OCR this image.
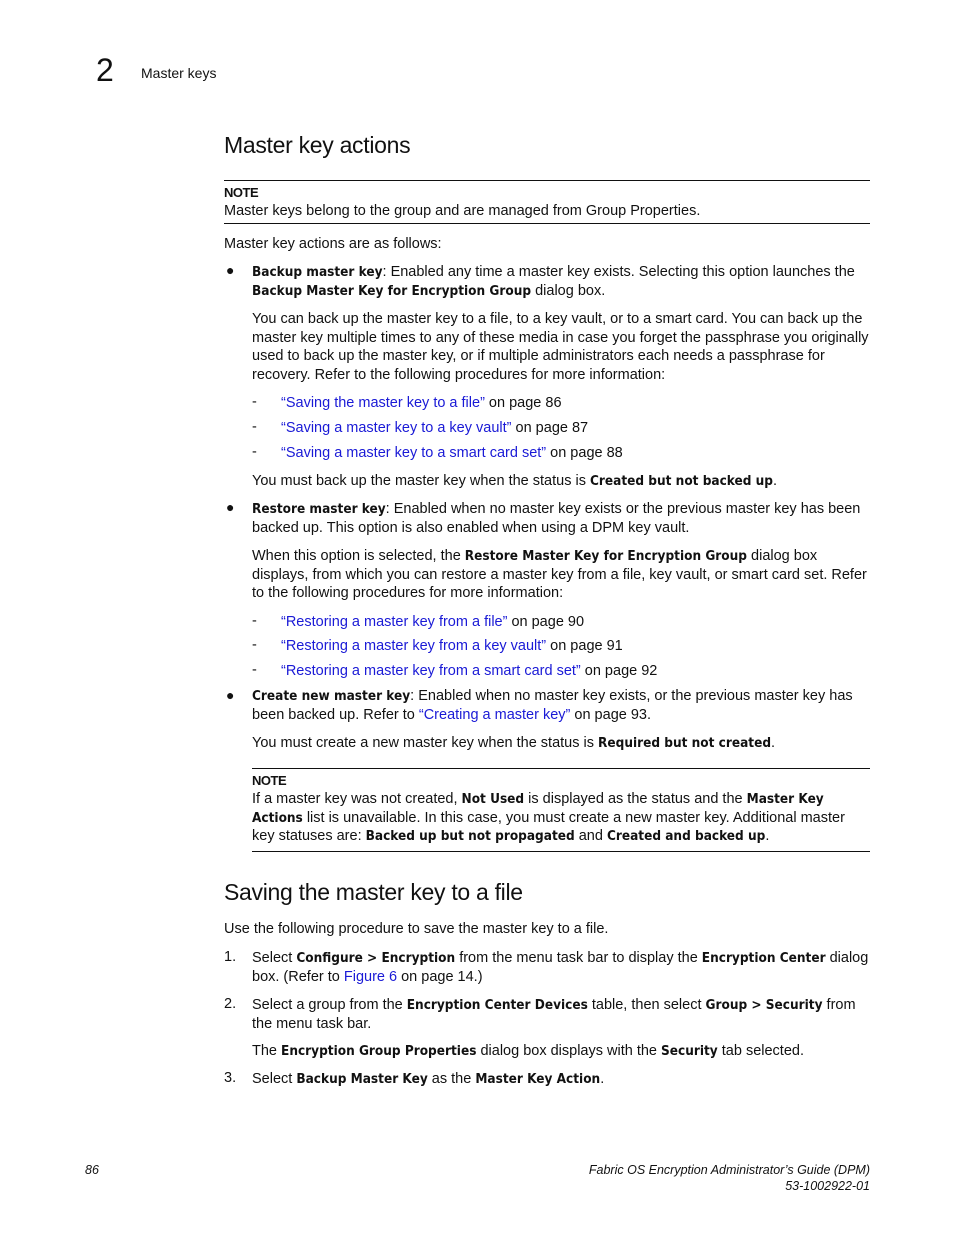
2 Master keys
Master key actions
NOTE
Master keys belong to the group and are managed from Group Properties.

Master key actions are as follows:

● Backup master key: Enabled any time a master key exists. Selecting this option launches the Backup Master Key for Encryption Group dialog box.

You can back up the master key to a file, to a key vault, or to a smart card. You can back up the master key multiple times to any of these media in case you forget the passphrase you originally used to back up the master key, or if multiple administrators each needs a passphrase for recovery. Refer to the following procedures for more information:

- “Saving the master key to a file” on page 86

- “Saving a master key to a key vault” on page 87

- “Saving a master key to a smart card set” on page 88

You must back up the master key when the status is Created but not backed up.

● Restore master key: Enabled when no master key exists or the previous master key has been backed up. This option is also enabled when using a DPM key vault.

When this option is selected, the Restore Master Key for Encryption Group dialog box displays, from which you can restore a master key from a file, key vault, or smart card set. Refer to the following procedures for more information:

- “Restoring a master key from a file” on page 90

- “Restoring a master key from a key vault” on page 91

- “Restoring a master key from a smart card set” on page 92

● Create new master key: Enabled when no master key exists, or the previous master key has been backed up. Refer to “Creating a master key” on page 93.

You must create a new master key when the status is Required but not created.

NOTE
If a master key was not created, Not Used is displayed as the status and the Master Key Actions list is unavailable. In this case, you must create a new master key. Additional master key statuses are: Backed up but not propagated and Created and backed up.
Saving the master key to a file

Use the following procedure to save the master key to a file.

1. Select Configure > Encryption from the menu task bar to display the Encryption Center dialog box. (Refer to Figure 6 on page 14.)

2. Select a group from the Encryption Center Devices table, then select Group > Security from the menu task bar.

The Encryption Group Properties dialog box displays with the Security tab selected.

3. Select Backup Master Key as the Master Key Action.

86	Fabric OS Encryption Administrator’s Guide (DPM)
53-1002922-01
